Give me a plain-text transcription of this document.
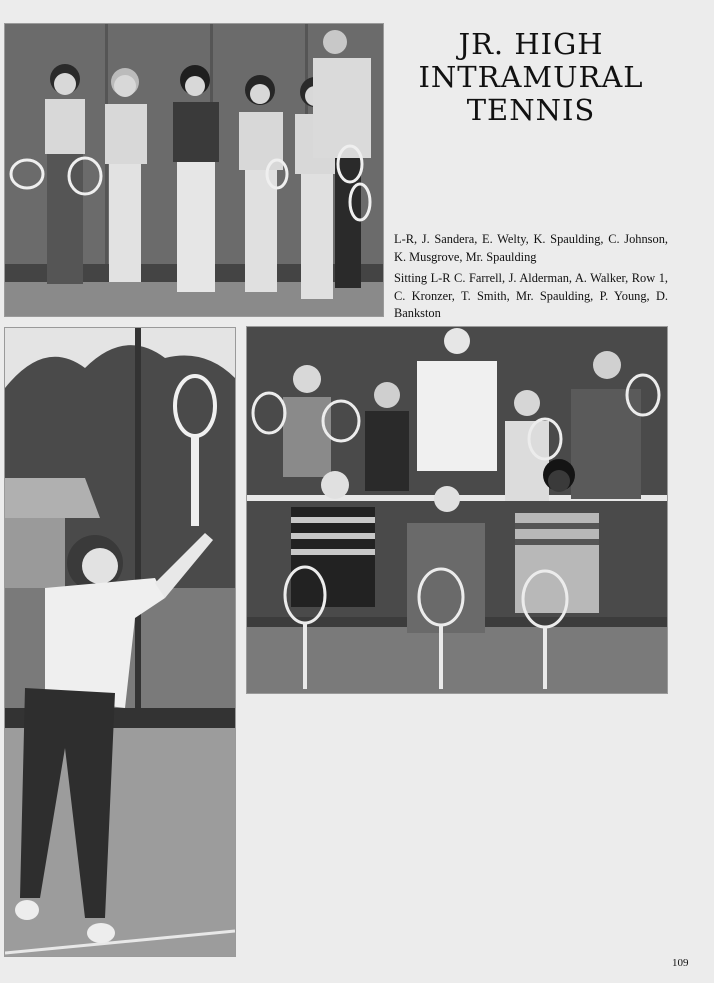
JR. HIGH
INTRAMURAL
TENNIS
L-R, J. Sandera, E. Welty, K. Spaulding, C. Johnson, K. Musgrove, Mr. Spaulding
Sitting L-R C. Farrell, J. Alderman, A. Walker, Row 1, C. Kronzer, T. Smith, Mr. Spaulding, P. Young, D. Bankston
109
